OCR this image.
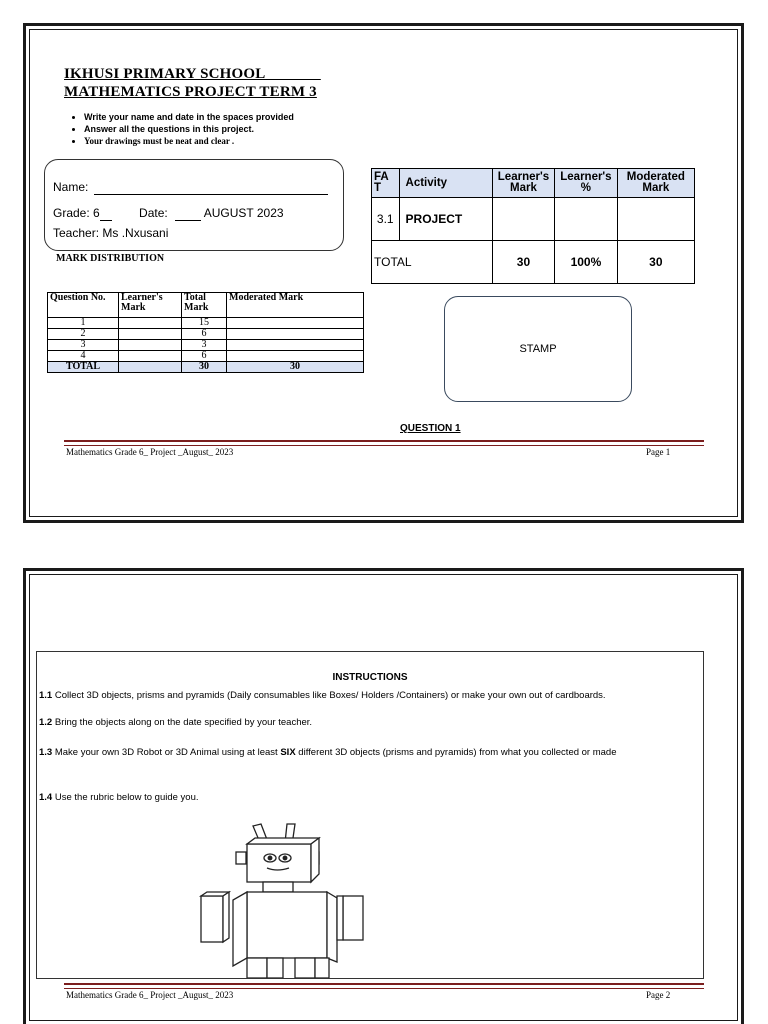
IKHUSI PRIMARY SCHOOL
MATHEMATICS PROJECT TERM 3
• Write your name and date in the spaces provided
• Answer all the questions in this project.
• Your drawings must be neat and clear .
Name:
Grade: 6	Date:	AUGUST 2023
Teacher: Ms .Nxusani
MARK DISTRIBUTION
FA T	Activity	Learner's Mark	Learner's %	Moderated Mark
3.1	PROJECT			
TOTAL		30	100%	30
Question No.	Learner's Mark	Total Mark	Moderated Mark
1		15	
2		6	
3		3	
4		6	
TOTAL		30	30
STAMP
QUESTION 1
Mathematics Grade 6_ Project _August_ 2023	Page 1
INSTRUCTIONS

1.1 Collect 3D objects, prisms and pyramids (Daily consumables like Boxes/ Holders /Containers) or make your own out of cardboards.

1.2 Bring the objects along on the date specified by your teacher.

1.3 Make your own 3D Robot or 3D Animal using at least SIX different 3D objects (prisms and pyramids) from what you collected or made

1.4 Use the rubric below to guide you.

Mathematics Grade 6_ Project _August_ 2023	Page 2
